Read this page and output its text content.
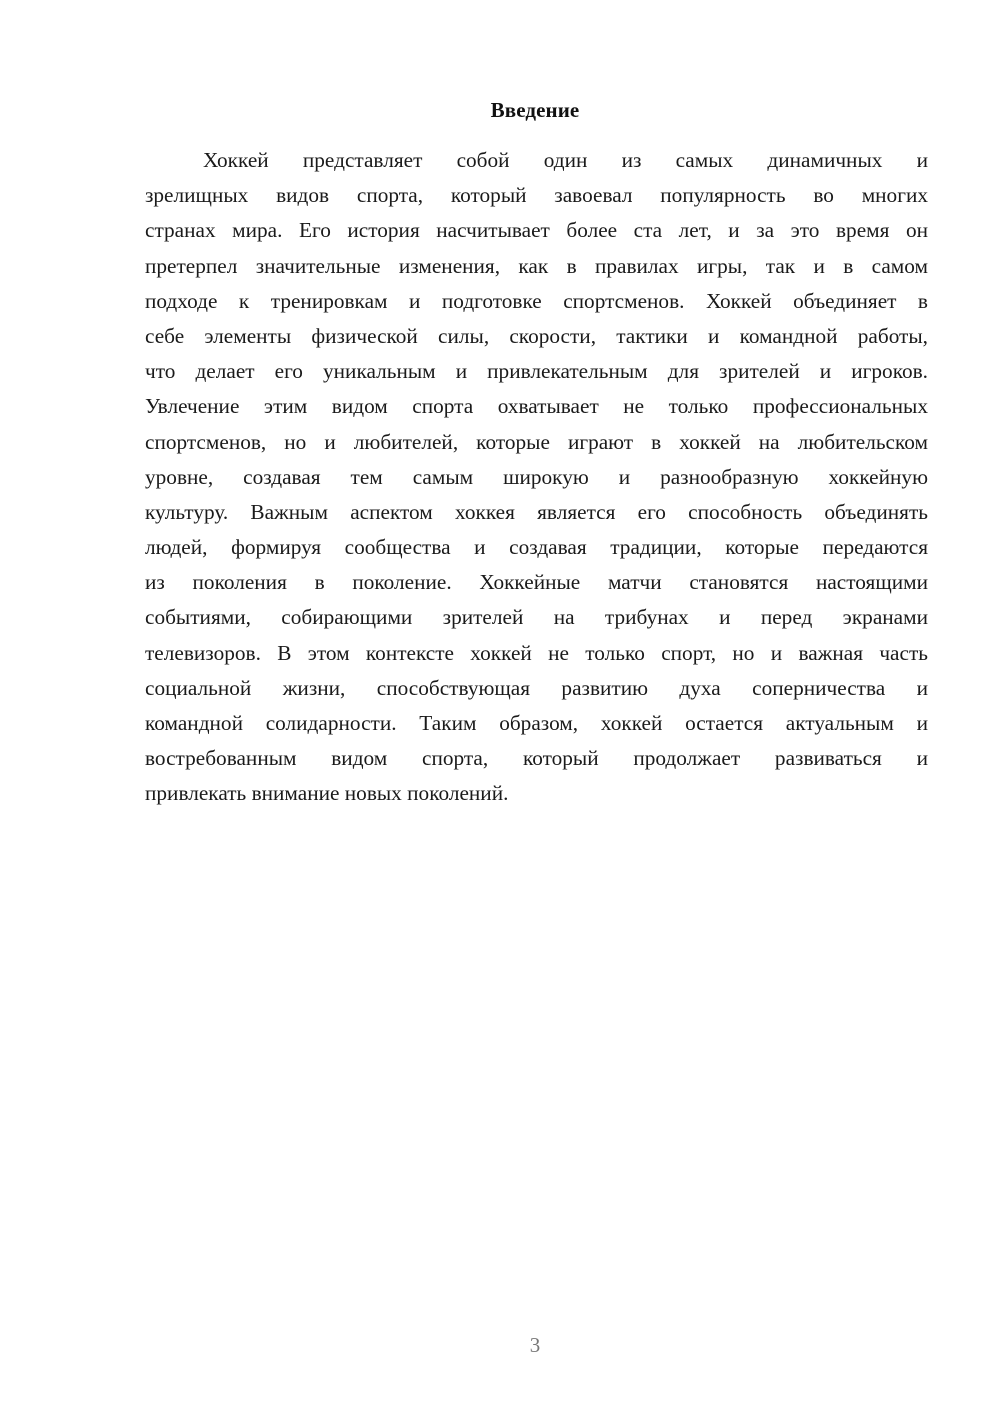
Введение
Хоккей представляет собой один из самых динамичных и
зрелищных видов спорта, который завоевал популярность во многих
странах мира. Его история насчитывает более ста лет, и за это время он
претерпел значительные изменения, как в правилах игры, так и в самом
подходе к тренировкам и подготовке спортсменов. Хоккей объединяет в
себе элементы физической силы, скорости, тактики и командной работы,
что делает его уникальным и привлекательным для зрителей и игроков.
Увлечение этим видом спорта охватывает не только профессиональных
спортсменов, но и любителей, которые играют в хоккей на любительском
уровне, создавая тем самым широкую и разнообразную хоккейную
культуру. Важным аспектом хоккея является его способность объединять
людей, формируя сообщества и создавая традиции, которые передаются
из поколения в поколение. Хоккейные матчи становятся настоящими
событиями, собирающими зрителей на трибунах и перед экранами
телевизоров. В этом контексте хоккей не только спорт, но и важная часть
социальной жизни, способствующая развитию духа соперничества и
командной солидарности. Таким образом, хоккей остается актуальным и
востребованным видом спорта, который продолжает развиваться и
привлекать внимание новых поколений.
3
